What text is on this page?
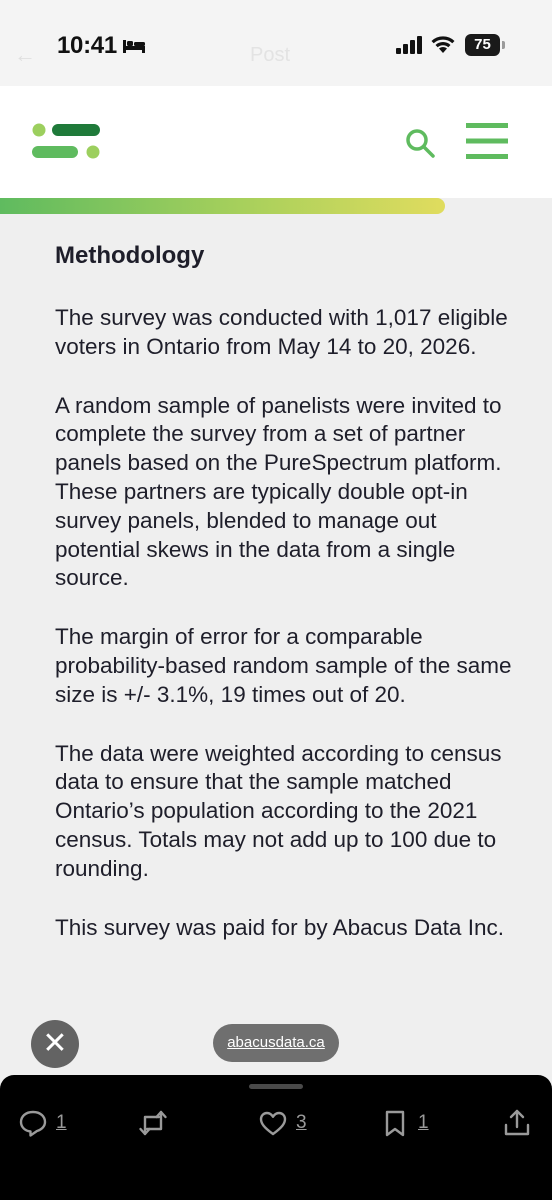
← 10:41	Post	75
Methodology

The survey was conducted with 1,017 eligible voters in Ontario from May 14 to 20, 2026.

A random sample of panelists were invited to complete the survey from a set of partner panels based on the PureSpectrum platform. These partners are typically double opt-in survey panels, blended to manage out potential skews in the data from a single source.

The margin of error for a comparable probability-based random sample of the same size is +/- 3.1%, 19 times out of 20.

The data were weighted according to census data to ensure that the sample matched Ontario’s population according to the 2021 census. Totals may not add up to 100 due to rounding.

This survey was paid for by Abacus Data Inc.

✕	abacusdata.ca
1	3	1
